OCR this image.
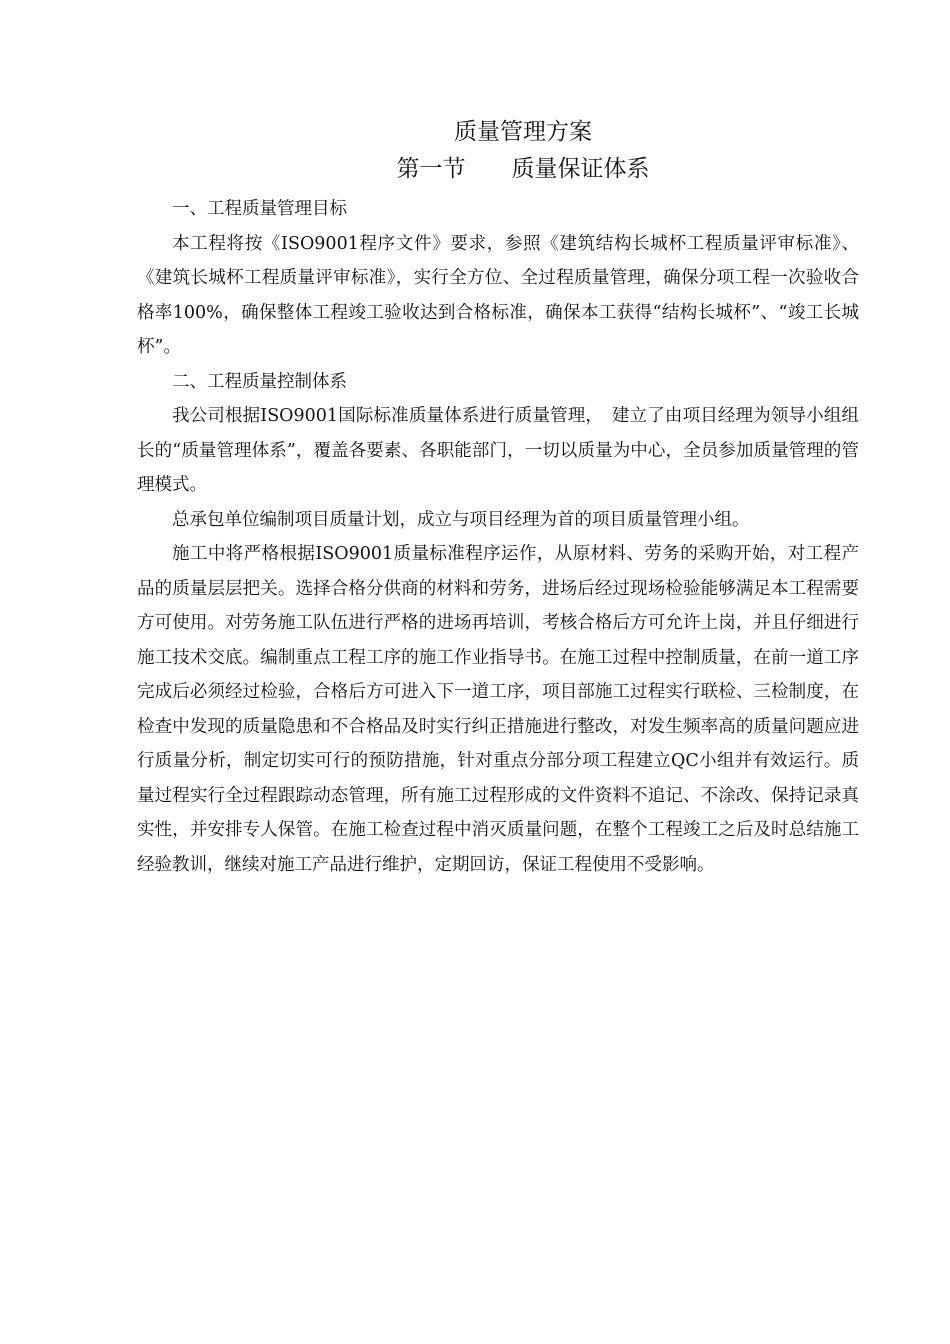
质量管理方案
第一节　　质量保证体系

一、工程质量管理目标

本工程将按《ISO9001程序文件》要求，参照《建筑结构长城杯工程质量评审标准》、《建筑长城杯工程质量评审标准》，实行全方位、全过程质量管理，确保分项工程一次验收合格率100%，确保整体工程竣工验收达到合格标准，确保本工获得“结构长城杯”、“竣工长城杯”。

二、工程质量控制体系

我公司根据ISO9001国际标准质量体系进行质量管理，　建立了由项目经理为领导小组组长的“质量管理体系”，覆盖各要素、各职能部门，一切以质量为中心，全员参加质量管理的管理模式。

总承包单位编制项目质量计划，成立与项目经理为首的项目质量管理小组。

施工中将严格根据ISO9001质量标准程序运作，从原材料、劳务的采购开始，对工程产品的质量层层把关。选择合格分供商的材料和劳务，进场后经过现场检验能够满足本工程需要方可使用。对劳务施工队伍进行严格的进场再培训，考核合格后方可允许上岗，并且仔细进行施工技术交底。编制重点工程工序的施工作业指导书。在施工过程中控制质量，在前一道工序完成后必须经过检验，合格后方可进入下一道工序，项目部施工过程实行联检、三检制度，在检查中发现的质量隐患和不合格品及时实行纠正措施进行整改，对发生频率高的质量问题应进行质量分析，制定切实可行的预防措施，针对重点分部分项工程建立QC小组并有效运行。质量过程实行全过程跟踪动态管理，所有施工过程形成的文件资料不追记、不涂改、保持记录真实性，并安排专人保管。在施工检查过程中消灭质量问题，在整个工程竣工之后及时总结施工经验教训，继续对施工产品进行维护，定期回访，保证工程使用不受影响。
